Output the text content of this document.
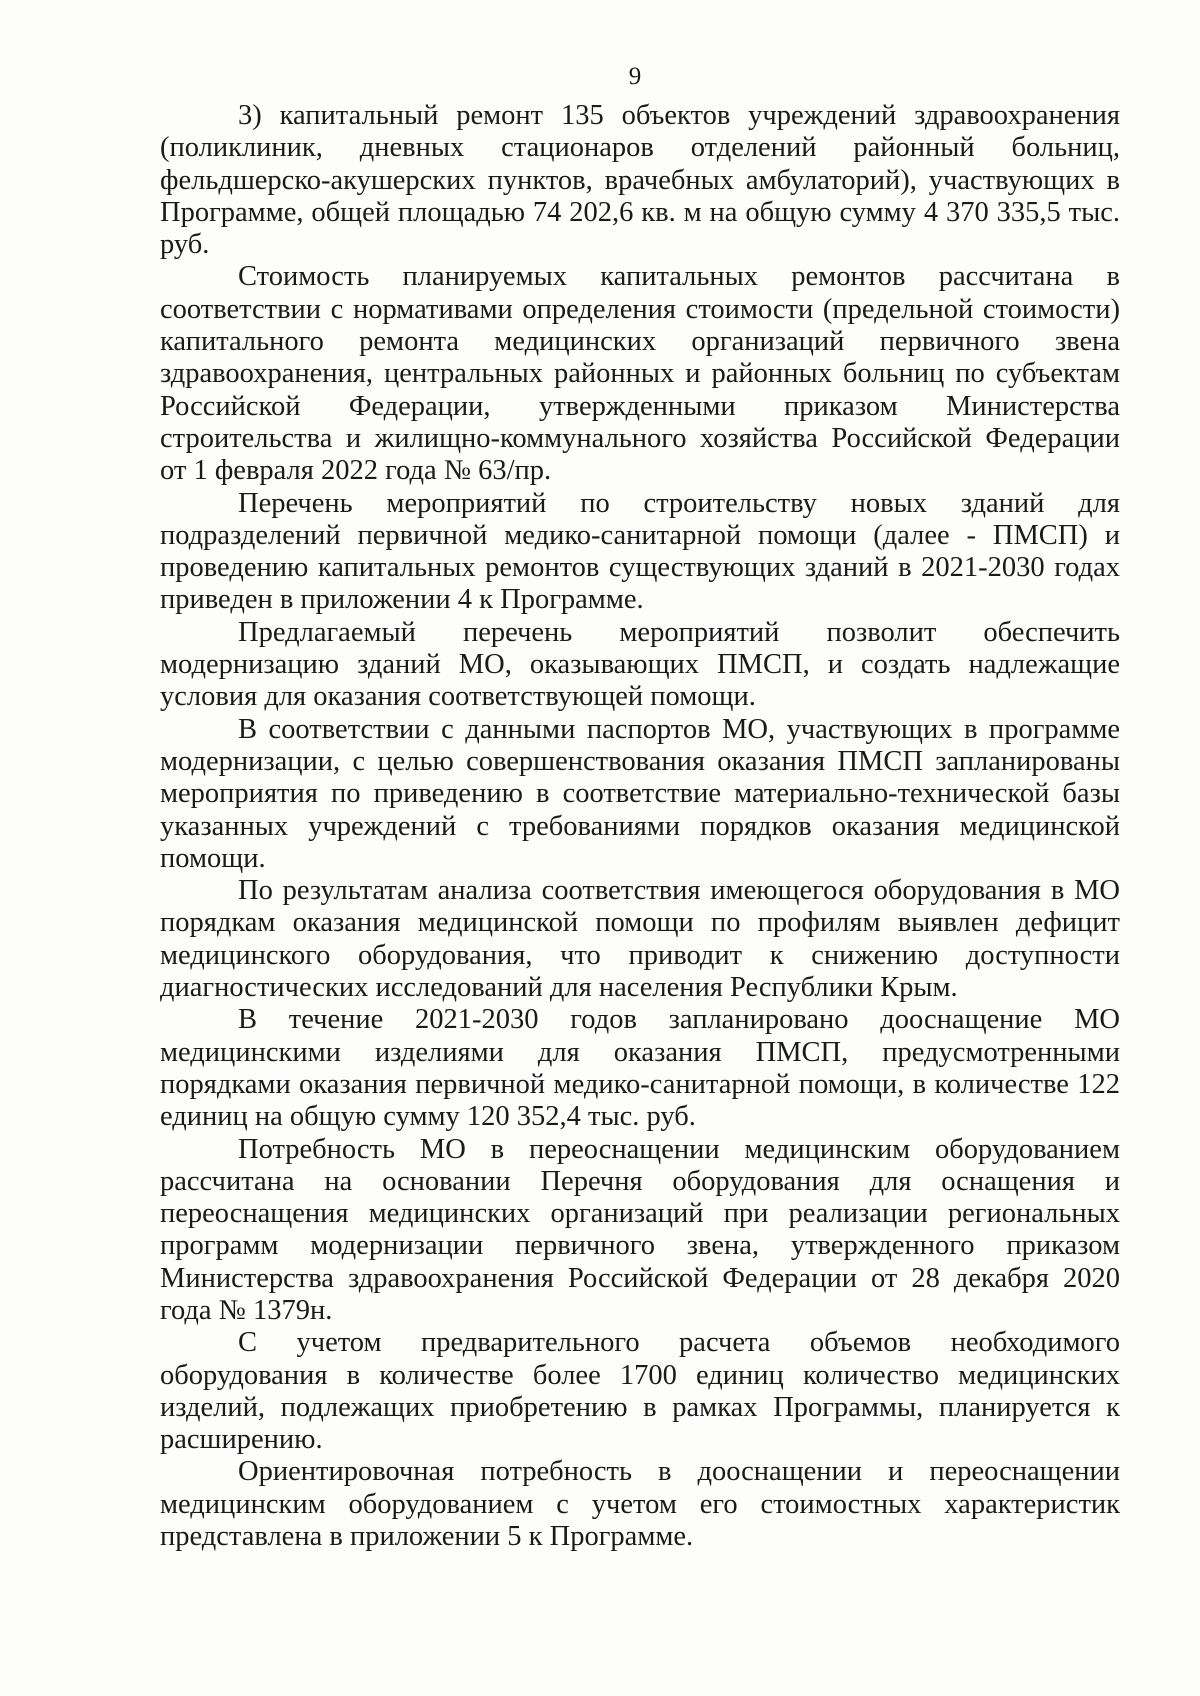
9

3) капитальный ремонт 135 объектов учреждений здравоохранения (поликлиник, дневных стационаров отделений районный больниц, фельдшерско-акушерских пунктов, врачебных амбулаторий), участвующих в Программе, общей площадью 74 202,6 кв. м на общую сумму 4 370 335,5 тыс. руб.

Стоимость планируемых капитальных ремонтов рассчитана в соответствии с нормативами определения стоимости (предельной стоимости) капитального ремонта медицинских организаций первичного звена здравоохранения, центральных районных и районных больниц по субъектам Российской Федерации, утвержденными приказом Министерства строительства и жилищно-коммунального хозяйства Российской Федерации от 1 февраля 2022 года № 63/пр.

Перечень мероприятий по строительству новых зданий для подразделений первичной медико-санитарной помощи (далее - ПМСП) и проведению капитальных ремонтов существующих зданий в 2021-2030 годах приведен в приложении 4 к Программе.

Предлагаемый перечень мероприятий позволит обеспечить модернизацию зданий МО, оказывающих ПМСП, и создать надлежащие условия для оказания соответствующей помощи.

В соответствии с данными паспортов МО, участвующих в программе модернизации, с целью совершенствования оказания ПМСП запланированы мероприятия по приведению в соответствие материально-технической базы указанных учреждений с требованиями порядков оказания медицинской помощи.

По результатам анализа соответствия имеющегося оборудования в МО порядкам оказания медицинской помощи по профилям выявлен дефицит медицинского оборудования, что приводит к снижению доступности диагностических исследований для населения Республики Крым.

В течение 2021-2030 годов запланировано дооснащение МО медицинскими изделиями для оказания ПМСП, предусмотренными порядками оказания первичной медико-санитарной помощи, в количестве 122 единиц на общую сумму 120 352,4 тыс. руб.

Потребность МО в переоснащении медицинским оборудованием рассчитана на основании Перечня оборудования для оснащения и переоснащения медицинских организаций при реализации региональных программ модернизации первичного звена, утвержденного приказом Министерства здравоохранения Российской Федерации от 28 декабря 2020 года № 1379н.

С учетом предварительного расчета объемов необходимого оборудования в количестве более 1700 единиц количество медицинских изделий, подлежащих приобретению в рамках Программы, планируется к расширению.

Ориентировочная потребность в дооснащении и переоснащении медицинским оборудованием с учетом его стоимостных характеристик представлена в приложении 5 к Программе.
